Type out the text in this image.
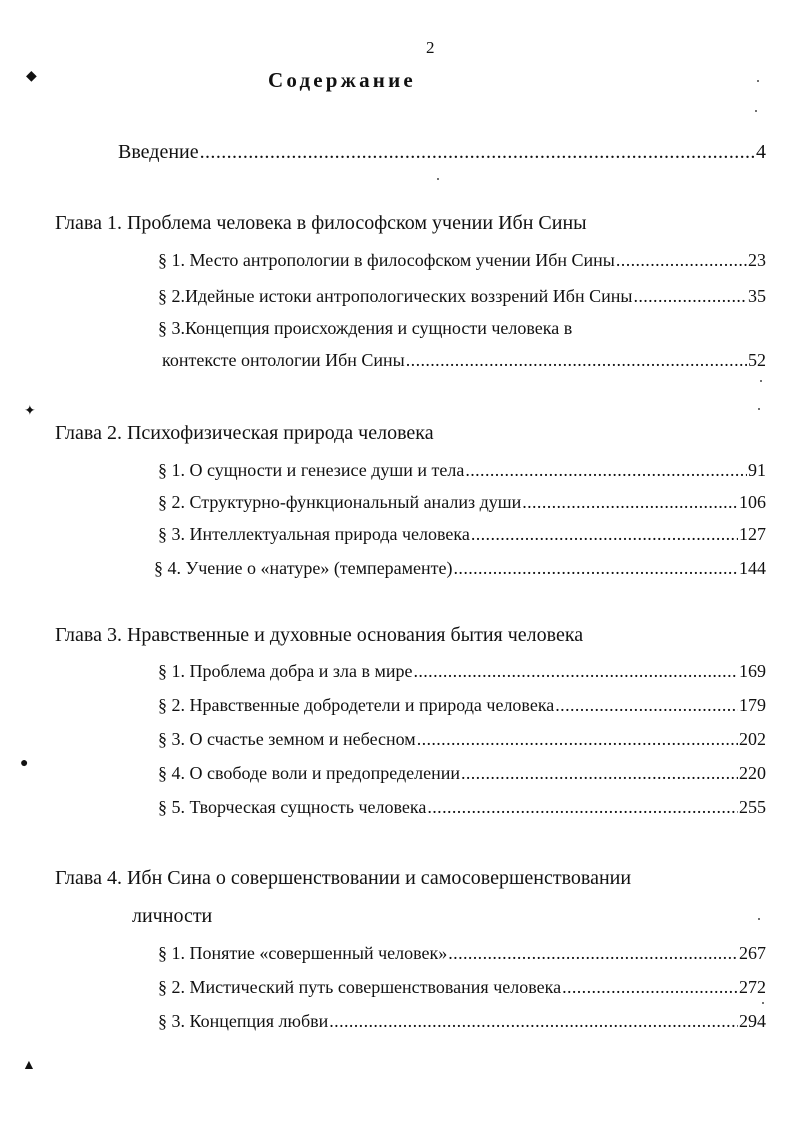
2
Содержание
Введение .....	4
Глава 1. Проблема человека в философском учении Ибн Сины
§ 1. Место антропологии в философском учении Ибн Сины .....	23
§ 2.Идейные истоки антропологических воззрений Ибн Сины .....	35
§ 3.Концепция происхождения и сущности человека в
контексте онтологии Ибн Сины .....	52
Глава 2. Психофизическая природа человека
§ 1. О сущности и генезисе души и тела .....	91
§ 2. Структурно-функциональный анализ души .....	106
§ 3. Интеллектуальная природа человека .....	127
§ 4. Учение о «натуре» (темпераменте) .....	144
Глава 3. Нравственные и духовные основания бытия человека
§ 1. Проблема добра и зла в мире .....	169
§ 2. Нравственные добродетели и природа человека .....	179
§ 3. О счастье земном и небесном .....	202
§ 4. О свободе воли и предопределении .....	220
§ 5. Творческая сущность человека .....	255
Глава 4. Ибн Сина о совершенствовании и самосовершенствовании
личности
§ 1. Понятие «совершенный человек» .....	267
§ 2. Мистический путь совершенствования человека .....	272
§ 3. Концепция любви .....	294
◆
✦
●
▲
